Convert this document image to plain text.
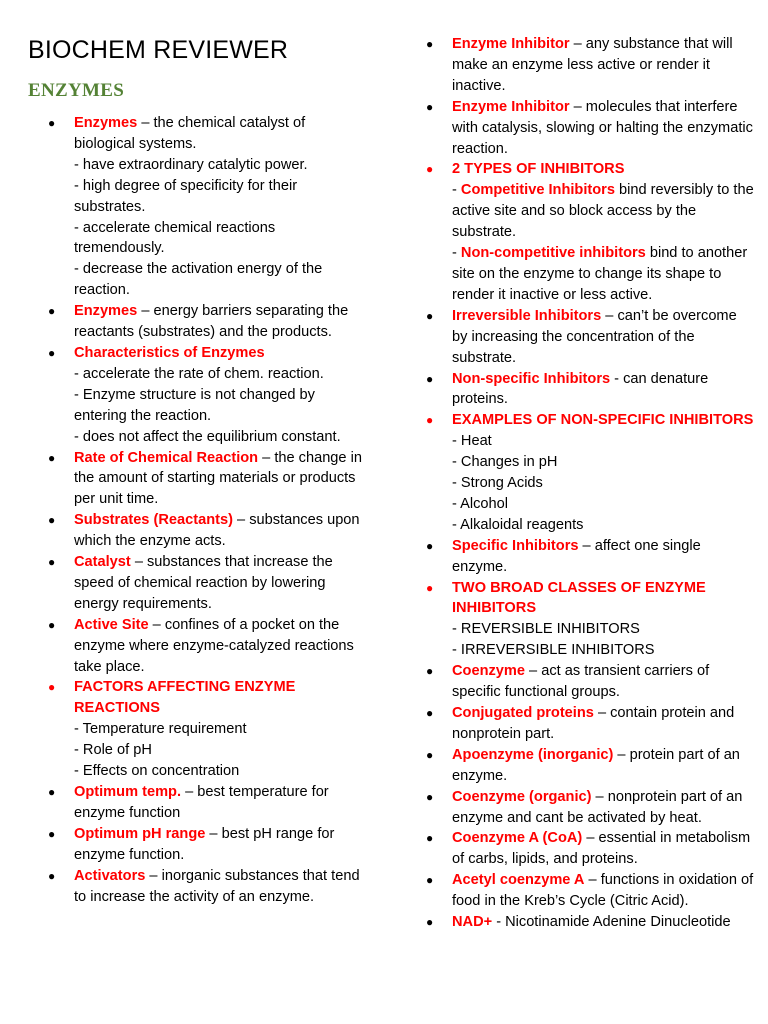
BIOCHEM REVIEWER
ENZYMES
● Enzymes – the chemical catalyst of biological systems.
- have extraordinary catalytic power.
- high degree of specificity for their substrates.
- accelerate chemical reactions tremendously.
- decrease the activation energy of the reaction.
● Enzymes – energy barriers separating the reactants (substrates) and the products.
● Characteristics of Enzymes
- accelerate the rate of chem. reaction.
- Enzyme structure is not changed by entering the reaction.
- does not affect the equilibrium constant.
● Rate of Chemical Reaction – the change in the amount of starting materials or products per unit time.
● Substrates (Reactants) – substances upon which the enzyme acts.
● Catalyst – substances that increase the speed of chemical reaction by lowering energy requirements.
● Active Site – confines of a pocket on the enzyme where enzyme-catalyzed reactions take place.
● FACTORS AFFECTING ENZYME REACTIONS
- Temperature requirement
- Role of pH
- Effects on concentration
● Optimum temp. – best temperature for enzyme function
● Optimum pH range – best pH range for enzyme function.
● Activators – inorganic substances that tend to increase the activity of an enzyme.
● Enzyme Inhibitor – any substance that will make an enzyme less active or render it inactive.
● Enzyme Inhibitor – molecules that interfere with catalysis, slowing or halting the enzymatic reaction.
● 2 TYPES OF INHIBITORS
- Competitive Inhibitors bind reversibly to the active site and so block access by the substrate.
- Non-competitive inhibitors bind to another site on the enzyme to change its shape to render it inactive or less active.
● Irreversible Inhibitors – can’t be overcome by increasing the concentration of the substrate.
● Non-specific Inhibitors - can denature proteins.
● EXAMPLES OF NON-SPECIFIC INHIBITORS
- Heat
- Changes in pH
- Strong Acids
- Alcohol
- Alkaloidal reagents
● Specific Inhibitors – affect one single enzyme.
● TWO BROAD CLASSES OF ENZYME INHIBITORS
- REVERSIBLE INHIBITORS
- IRREVERSIBLE INHIBITORS
● Coenzyme – act as transient carriers of specific functional groups.
● Conjugated proteins – contain protein and nonprotein part.
● Apoenzyme (inorganic) – protein part of an enzyme.
● Coenzyme (organic) – nonprotein part of an enzyme and cant be activated by heat.
● Coenzyme A (CoA) – essential in metabolism of carbs, lipids, and proteins.
● Acetyl coenzyme A – functions in oxidation of food in the Kreb’s Cycle (Citric Acid).
● NAD+ - Nicotinamide Adenine Dinucleotide
